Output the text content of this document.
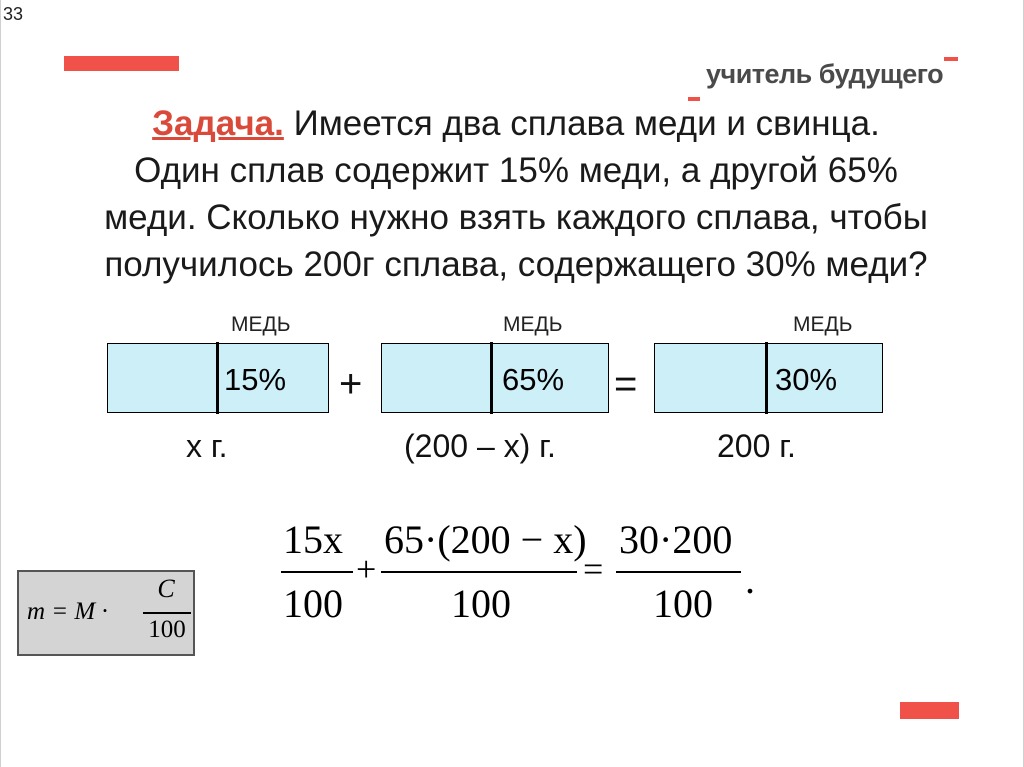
33
учитель будущего
Задача. Имеется два сплава меди и свинца.
Один сплав содержит 15% меди, а другой 65%
меди. Сколько нужно взять каждого сплава, чтобы
получилось 200г сплава, содержащего 30% меди?
МЕДЬ
15%
x г.
+
МЕДЬ
65%
(200 – x) г.
=
МЕДЬ
30%
200 г.
m = M ·
C
100
15x
100
+
65·(200 − x)
100
=
30·200
100
.
